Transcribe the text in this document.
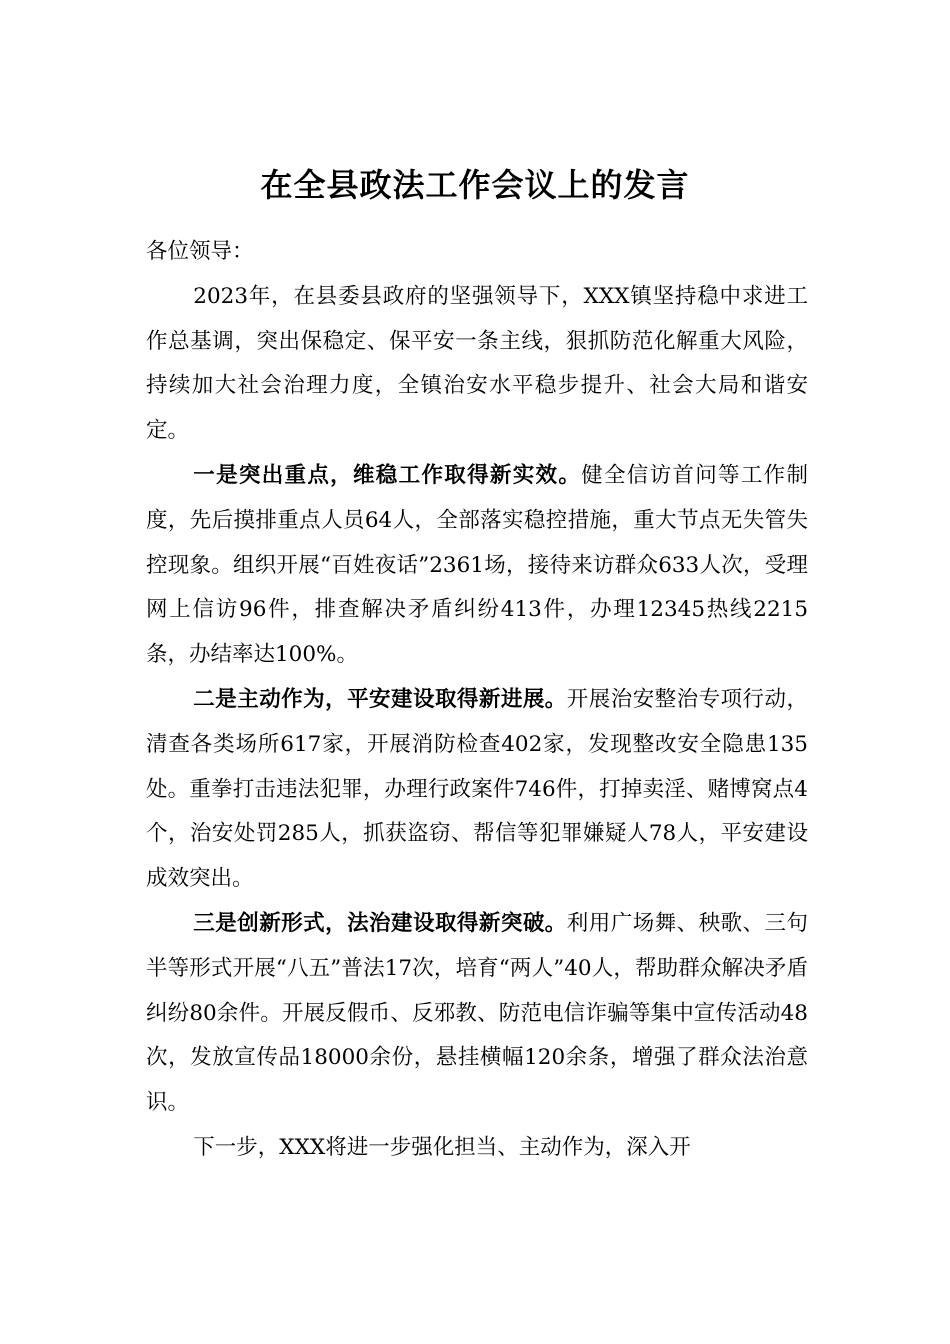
在全县政法工作会议上的发言

各位领导：

2023年，在县委县政府的坚强领导下，XXX镇坚持稳中求进工作总基调，突出保稳定、保平安一条主线，狠抓防范化解重大风险，持续加大社会治理力度，全镇治安水平稳步提升、社会大局和谐安定。

一是突出重点，维稳工作取得新实效。健全信访首问等工作制度，先后摸排重点人员64人，全部落实稳控措施，重大节点无失管失控现象。组织开展“百姓夜话”2361场，接待来访群众633人次，受理网上信访96件，排查解决矛盾纠纷413件，办理12345热线2215条，办结率达100%。

二是主动作为，平安建设取得新进展。开展治安整治专项行动，清查各类场所617家，开展消防检查402家，发现整改安全隐患135处。重拳打击违法犯罪，办理行政案件746件，打掉卖淫、赌博窝点4个，治安处罚285人，抓获盗窃、帮信等犯罪嫌疑人78人，平安建设成效突出。

三是创新形式，法治建设取得新突破。利用广场舞、秧歌、三句半等形式开展“八五”普法17次，培育“两人”40人，帮助群众解决矛盾纠纷80余件。开展反假币、反邪教、防范电信诈骗等集中宣传活动48次，发放宣传品18000余份，悬挂横幅120余条，增强了群众法治意识。

下一步，XXX将进一步强化担当、主动作为，深入开
